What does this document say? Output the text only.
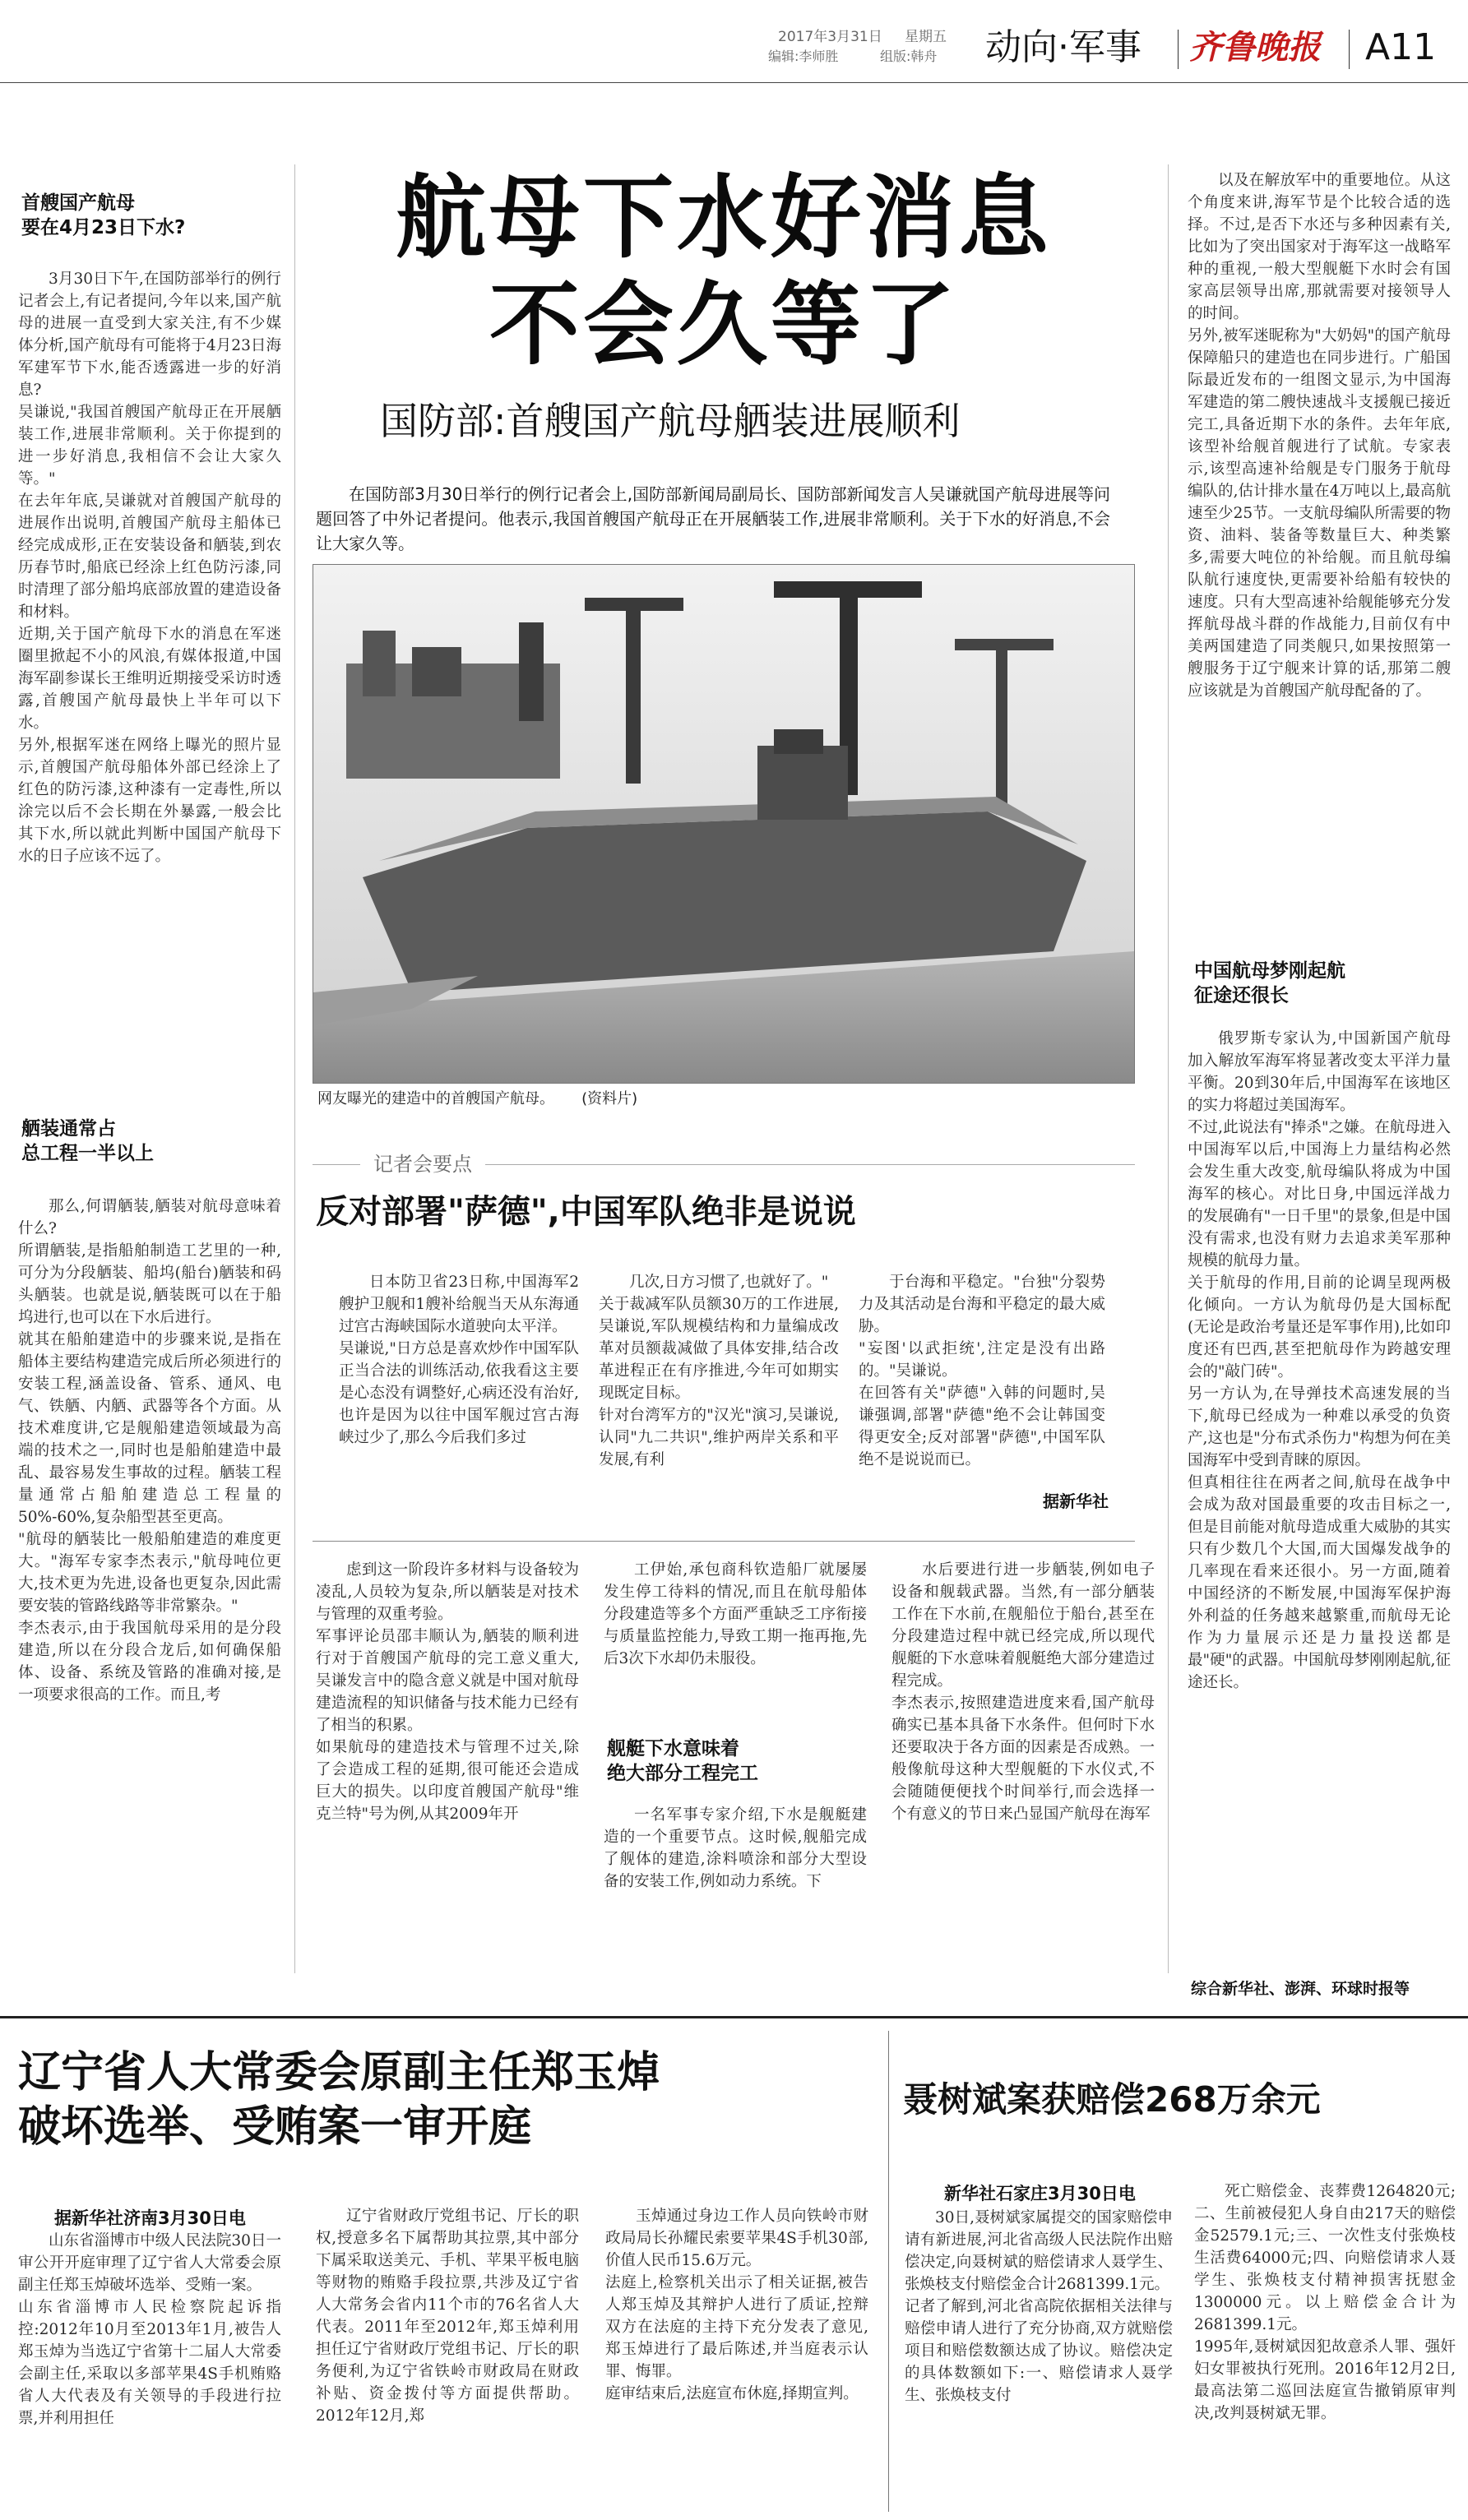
2017年3月31日 星期五
编辑:李师胜	组版:韩舟 动向·军事 齐鲁晚报 A11
航母下水好消息
不会久等了
国防部:首艘国产航母舾装进展顺利

在国防部3月30日举行的例行记者会上,国防部新闻局副局长、国防部新闻发言人吴谦就国产航母进展等问题回答了中外记者提问。他表示,我国首艘国产航母正在开展舾装工作,进展非常顺利。关于下水的好消息,不会让大家久等。

网友曝光的建造中的首艘国产航母。 (资料片)
首艘国产航母
要在4月23日下水?

3月30日下午,在国防部举行的例行记者会上,有记者提问,今年以来,国产航母的进展一直受到大家关注,有不少媒体分析,国产航母有可能将于4月23日海军建军节下水,能否透露进一步的好消息?
吴谦说,"我国首艘国产航母正在开展舾装工作,进展非常顺利。关于你提到的进一步好消息,我相信不会让大家久等。"
在去年年底,吴谦就对首艘国产航母的进展作出说明,首艘国产航母主船体已经完成成形,正在安装设备和舾装,到农历春节时,船底已经涂上红色防污漆,同时清理了部分船坞底部放置的建造设备和材料。
近期,关于国产航母下水的消息在军迷圈里掀起不小的风浪,有媒体报道,中国海军副参谋长王维明近期接受采访时透露,首艘国产航母最快上半年可以下水。
另外,根据军迷在网络上曝光的照片显示,首艘国产航母船体外部已经涂上了红色的防污漆,这种漆有一定毒性,所以涂完以后不会长期在外暴露,一般会比其下水,所以就此判断中国国产航母下水的日子应该不远了。

舾装通常占
总工程一半以上

那么,何谓舾装,舾装对航母意味着什么?
所谓舾装,是指船舶制造工艺里的一种,可分为分段舾装、船坞(船台)舾装和码头舾装。也就是说,舾装既可以在于船坞进行,也可以在下水后进行。
就其在船舶建造中的步骤来说,是指在船体主要结构建造完成后所必须进行的安装工程,涵盖设备、管系、通风、电气、铁舾、内舾、武器等各个方面。从技术难度讲,它是舰船建造领域最为高端的技术之一,同时也是船舶建造中最乱、最容易发生事故的过程。舾装工程量通常占船舶建造总工程量的50%-60%,复杂船型甚至更高。
"航母的舾装比一般船舶建造的难度更大。"海军专家李杰表示,"航母吨位更大,技术更为先进,设备也更复杂,因此需要安装的管路线路等非常繁杂。"
李杰表示,由于我国航母采用的是分段建造,所以在分段合龙后,如何确保船体、设备、系统及管路的准确对接,是一项要求很高的工作。而且,考

记者会要点
反对部署"萨德",中国军队绝非是说说

日本防卫省23日称,中国海军2艘护卫舰和1艘补给舰当天从东海通过宫古海峡国际水道驶向太平洋。
吴谦说,"日方总是喜欢炒作中国军队正当合法的训练活动,依我看这主要是心态没有调整好,心病还没有治好,也许是因为以往中国军舰过宫古海峡过少了,那么今后我们多过

几次,日方习惯了,也就好了。"
关于裁减军队员额30万的工作进展,吴谦说,军队规模结构和力量编成改革对员额裁减做了具体安排,结合改革进程正在有序推进,今年可如期实现既定目标。
针对台湾军方的"汉光"演习,吴谦说,认同"九二共识",维护两岸关系和平发展,有利

于台海和平稳定。"台独"分裂势力及其活动是台海和平稳定的最大威胁。
"妄图'以武拒统',注定是没有出路的。"吴谦说。
在回答有关"萨德"入韩的问题时,吴谦强调,部署"萨德"绝不会让韩国变得更安全;反对部署"萨德",中国军队绝不是说说而已。

据新华社

虑到这一阶段许多材料与设备较为凌乱,人员较为复杂,所以舾装是对技术与管理的双重考验。
军事评论员邵丰顺认为,舾装的顺利进行对于首艘国产航母的完工意义重大,吴谦发言中的隐含意义就是中国对航母建造流程的知识储备与技术能力已经有了相当的积累。
如果航母的建造技术与管理不过关,除了会造成工程的延期,很可能还会造成巨大的损失。以印度首艘国产航母"维克兰特"号为例,从其2009年开

工伊始,承包商科钦造船厂就屡屡发生停工待料的情况,而且在航母船体分段建造等多个方面严重缺乏工序衔接与质量监控能力,导致工期一拖再拖,先后3次下水却仍未服役。

舰艇下水意味着
绝大部分工程完工

一名军事专家介绍,下水是舰艇建造的一个重要节点。这时候,舰船完成了舰体的建造,涂料喷涂和部分大型设备的安装工作,例如动力系统。下

水后要进行进一步舾装,例如电子设备和舰载武器。当然,有一部分舾装工作在下水前,在舰船位于船台,甚至在分段建造过程中就已经完成,所以现代舰艇的下水意味着舰艇绝大部分建造过程完成。
李杰表示,按照建造进度来看,国产航母确实已基本具备下水条件。但何时下水还要取决于各方面的因素是否成熟。一般像航母这种大型舰艇的下水仪式,不会随随便便找个时间举行,而会选择一个有意义的节日来凸显国产航母在海军

以及在解放军中的重要地位。从这个角度来讲,海军节是个比较合适的选择。不过,是否下水还与多种因素有关,比如为了突出国家对于海军这一战略军种的重视,一般大型舰艇下水时会有国家高层领导出席,那就需要对接领导人的时间。
另外,被军迷昵称为"大奶妈"的国产航母保障船只的建造也在同步进行。广船国际最近发布的一组图文显示,为中国海军建造的第二艘快速战斗支援舰已接近完工,具备近期下水的条件。去年年底,该型补给舰首舰进行了试航。专家表示,该型高速补给舰是专门服务于航母编队的,估计排水量在4万吨以上,最高航速至少25节。一支航母编队所需要的物资、油料、装备等数量巨大、种类繁多,需要大吨位的补给舰。而且航母编队航行速度快,更需要补给船有较快的速度。只有大型高速补给舰能够充分发挥航母战斗群的作战能力,目前仅有中美两国建造了同类舰只,如果按照第一艘服务于辽宁舰来计算的话,那第二艘应该就是为首艘国产航母配备的了。

中国航母梦刚起航
征途还很长

俄罗斯专家认为,中国新国产航母加入解放军海军将显著改变太平洋力量平衡。20到30年后,中国海军在该地区的实力将超过美国海军。
不过,此说法有"捧杀"之嫌。在航母进入中国海军以后,中国海上力量结构必然会发生重大改变,航母编队将成为中国海军的核心。对比日身,中国远洋战力的发展确有"一日千里"的景象,但是中国没有需求,也没有财力去追求美军那种规模的航母力量。
关于航母的作用,目前的论调呈现两极化倾向。一方认为航母仍是大国标配(无论是政治考量还是军事作用),比如印度还有巴西,甚至把航母作为跨越安理会的"敲门砖"。
另一方认为,在导弹技术高速发展的当下,航母已经成为一种难以承受的负资产,这也是"分布式杀伤力"构想为何在美国海军中受到青睐的原因。
但真相往往在两者之间,航母在战争中会成为敌对国最重要的攻击目标之一,但是目前能对航母造成重大威胁的其实只有少数几个大国,而大国爆发战争的几率现在看来还很小。另一方面,随着中国经济的不断发展,中国海军保护海外利益的任务越来越繁重,而航母无论作为力量展示还是力量投送都是最"硬"的武器。中国航母梦刚刚起航,征途还长。

综合新华社、澎湃、环球时报等
辽宁省人大常委会原副主任郑玉焯
破坏选举、受贿案一审开庭
据新华社济南3月30日电

山东省淄博市中级人民法院30日一审公开开庭审理了辽宁省人大常委会原副主任郑玉焯破坏选举、受贿一案。
山东省淄博市人民检察院起诉指控:2012年10月至2013年1月,被告人郑玉焯为当选辽宁省第十二届人大常委会副主任,采取以多部苹果4S手机贿赂省人大代表及有关领导的手段进行拉票,并利用担任

辽宁省财政厅党组书记、厅长的职权,授意多名下属帮助其拉票,其中部分下属采取送美元、手机、苹果平板电脑等财物的贿赂手段拉票,共涉及辽宁省人大常务会省内11个市的76名省人大代表。2011年至2012年,郑玉焯利用担任辽宁省财政厅党组书记、厅长的职务便利,为辽宁省铁岭市财政局在财政补贴、资金拨付等方面提供帮助。2012年12月,郑

玉焯通过身边工作人员向铁岭市财政局局长孙耀民索要苹果4S手机30部,价值人民币15.6万元。
法庭上,检察机关出示了相关证据,被告人郑玉焯及其辩护人进行了质证,控辩双方在法庭的主持下充分发表了意见,郑玉焯进行了最后陈述,并当庭表示认罪、悔罪。
庭审结束后,法庭宣布休庭,择期宣判。

聂树斌案获赔偿268万余元
新华社石家庄3月30日电

30日,聂树斌家属提交的国家赔偿申请有新进展,河北省高级人民法院作出赔偿决定,向聂树斌的赔偿请求人聂学生、张焕枝支付赔偿金合计2681399.1元。
记者了解到,河北省高院依据相关法律与赔偿申请人进行了充分协商,双方就赔偿项目和赔偿数额达成了协议。赔偿决定的具体数额如下:一、赔偿请求人聂学生、张焕枝支付

死亡赔偿金、丧葬费1264820元;二、生前被侵犯人身自由217天的赔偿金52579.1元;三、一次性支付张焕枝生活费64000元;四、向赔偿请求人聂学生、张焕枝支付精神损害抚慰金1300000元。以上赔偿金合计为2681399.1元。
1995年,聂树斌因犯故意杀人罪、强奸妇女罪被执行死刑。2016年12月2日,最高法第二巡回法庭宣告撤销原审判决,改判聂树斌无罪。
